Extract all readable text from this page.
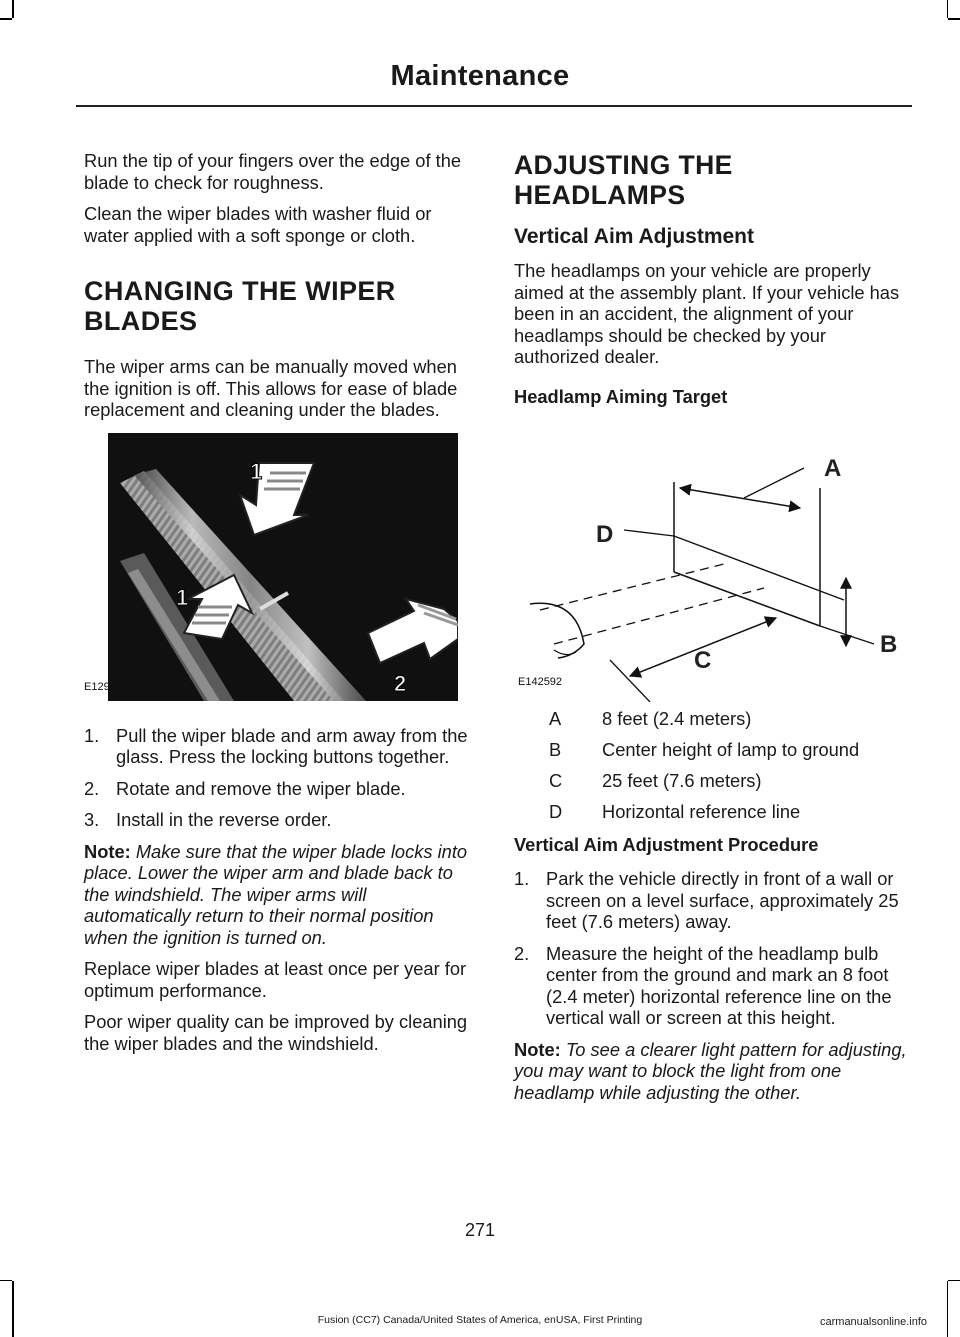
Maintenance

Run the tip of your fingers over the edge of the blade to check for roughness.

Clean the wiper blades with washer fluid or water applied with a soft sponge or cloth.

CHANGING THE WIPER
BLADES

The wiper arms can be manually moved when the ignition is off. This allows for ease of blade replacement and cleaning under the blades.

1
1
2
E129990
1. Pull the wiper blade and arm away from the glass. Press the locking buttons together.
2. Rotate and remove the wiper blade.
3. Install in the reverse order.

Note: Make sure that the wiper blade locks into place. Lower the wiper arm and blade back to the windshield. The wiper arms will automatically return to their normal position when the ignition is turned on.

Replace wiper blades at least once per year for optimum performance.

Poor wiper quality can be improved by cleaning the wiper blades and the windshield.

ADJUSTING THE HEADLAMPS
Vertical Aim Adjustment

The headlamps on your vehicle are properly aimed at the assembly plant. If your vehicle has been in an accident, the alignment of your headlamps should be checked by your authorized dealer.

Headlamp Aiming Target
A
D
B
C
E142592
A	8 feet (2.4 meters)
B	Center height of lamp to ground
C	25 feet (7.6 meters)
D	Horizontal reference line
Vertical Aim Adjustment Procedure
1. Park the vehicle directly in front of a wall or screen on a level surface, approximately 25 feet (7.6 meters) away.
2. Measure the height of the headlamp bulb center from the ground and mark an 8 foot (2.4 meter) horizontal reference line on the vertical wall or screen at this height.

Note: To see a clearer light pattern for adjusting, you may want to block the light from one headlamp while adjusting the other.

271
Fusion (CC7) Canada/United States of America, enUSA, First Printing	carmanualsonline.info
